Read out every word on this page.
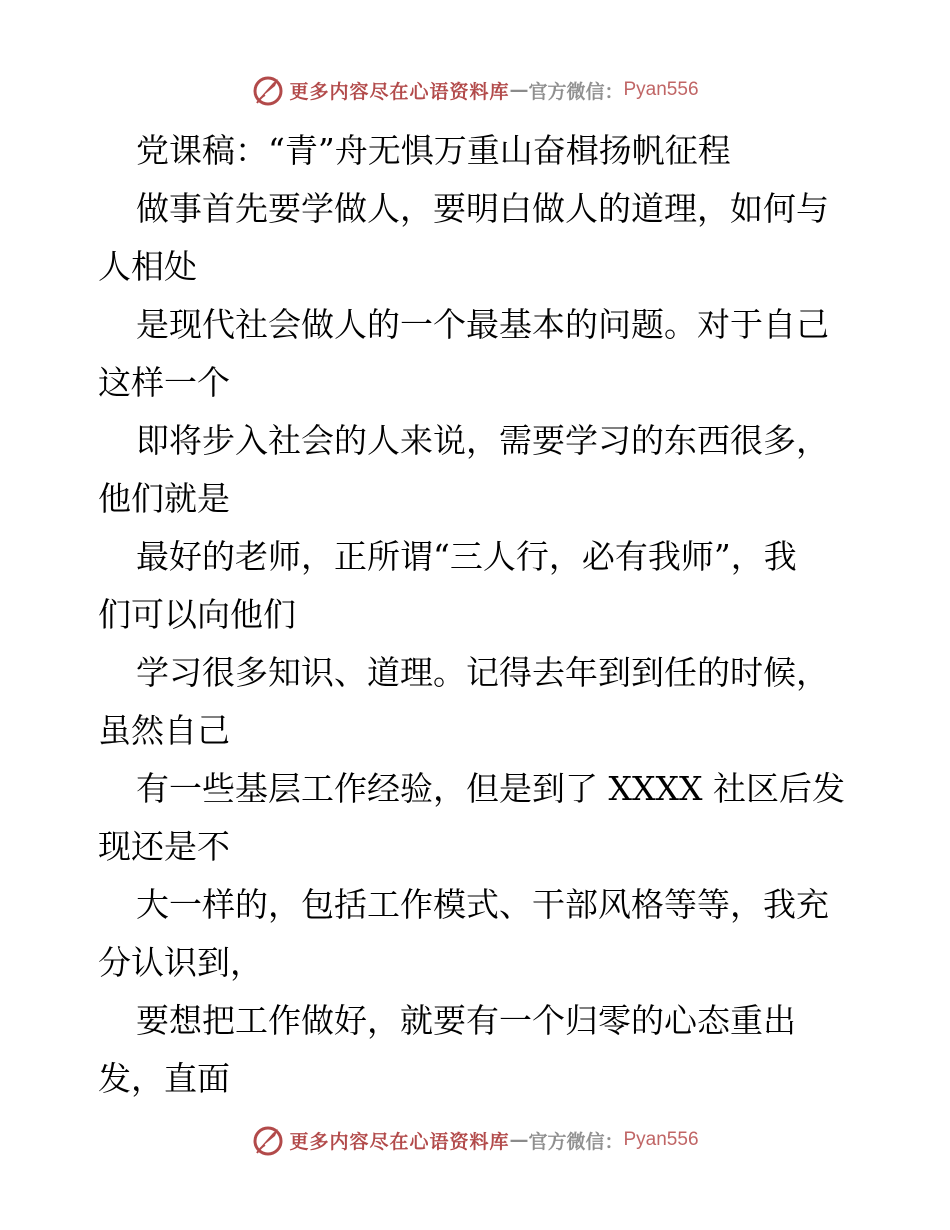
更多内容尽在心语资料库 — 官方微信： Pyan556
党课稿：“青”舟无惧万重山奋楫扬帆征程
做事首先要学做人，要明白做人的道理，如何与
人相处
是现代社会做人的一个最基本的问题。对于自己
这样一个
即将步入社会的人来说，需要学习的东西很多，
他们就是
最好的老师，正所谓“三人行，必有我师”，我
们可以向他们
学习很多知识、道理。记得去年到到任的时候，
虽然自己
有一些基层工作经验，但是到了 XXXX 社区后发
现还是不
大一样的，包括工作模式、干部风格等等，我充
分认识到，
要想把工作做好，就要有一个归零的心态重出
发，直面
更多内容尽在心语资料库 — 官方微信： Pyan556
